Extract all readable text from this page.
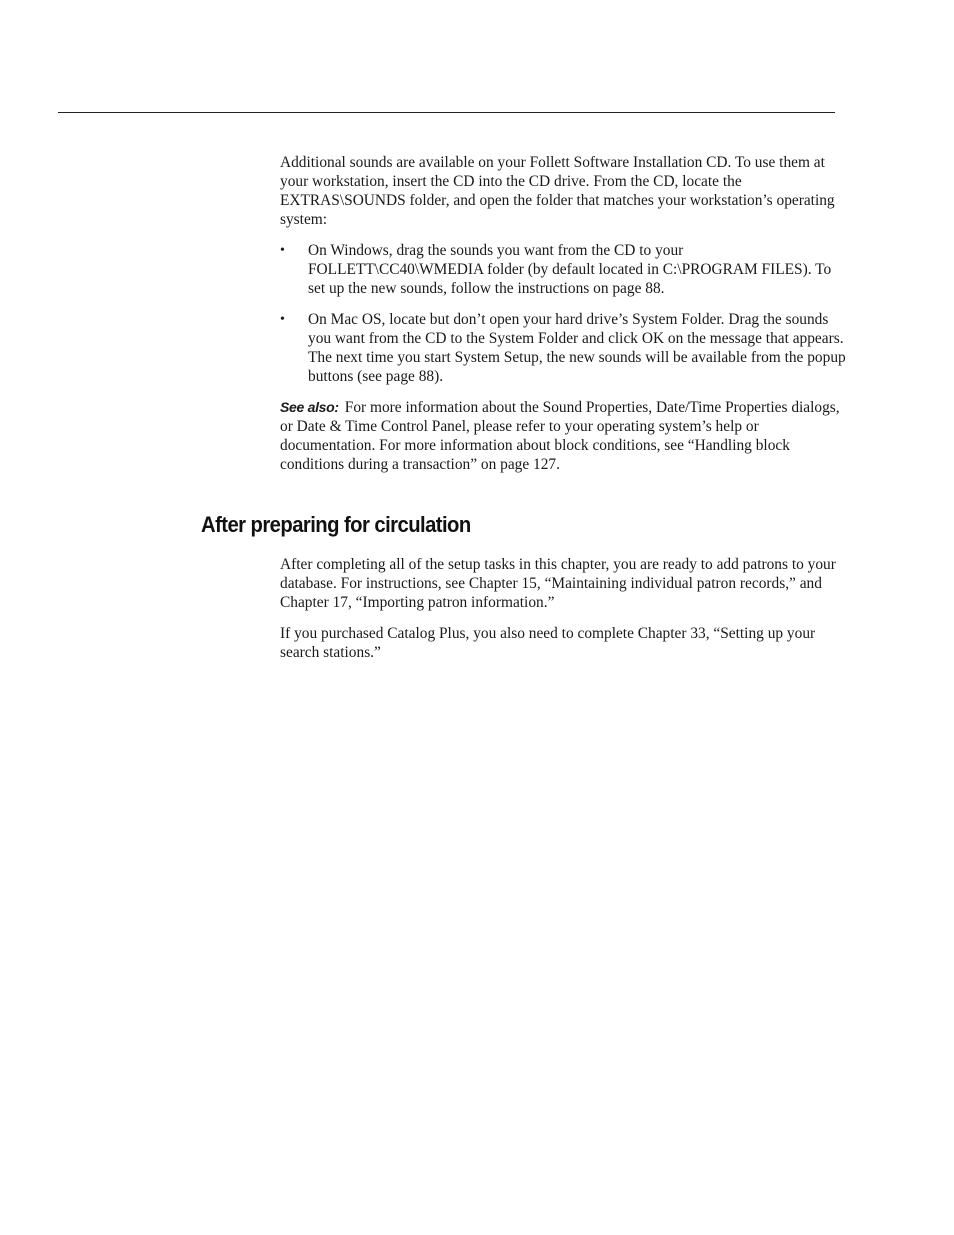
Additional sounds are available on your Follett Software Installation CD. To use them at your workstation, insert the CD into the CD drive. From the CD, locate the EXTRAS\SOUNDS folder, and open the folder that matches your workstation’s operating system:

• On Windows, drag the sounds you want from the CD to your FOLLETT\CC40\WMEDIA folder (by default located in C:\PROGRAM FILES). To set up the new sounds, follow the instructions on page 88.
• On Mac OS, locate but don’t open your hard drive’s System Folder. Drag the sounds you want from the CD to the System Folder and click OK on the message that appears. The next time you start System Setup, the new sounds will be available from the popup buttons (see page 88).

See also: For more information about the Sound Properties, Date/Time Properties dialogs, or Date & Time Control Panel, please refer to your operating system’s help or documentation. For more information about block conditions, see “Handling block conditions during a transaction” on page 127.

After preparing for circulation

After completing all of the setup tasks in this chapter, you are ready to add patrons to your database. For instructions, see Chapter 15, “Maintaining individual patron records,” and Chapter 17, “Importing patron information.”

If you purchased Catalog Plus, you also need to complete Chapter 33, “Setting up your search stations.”
